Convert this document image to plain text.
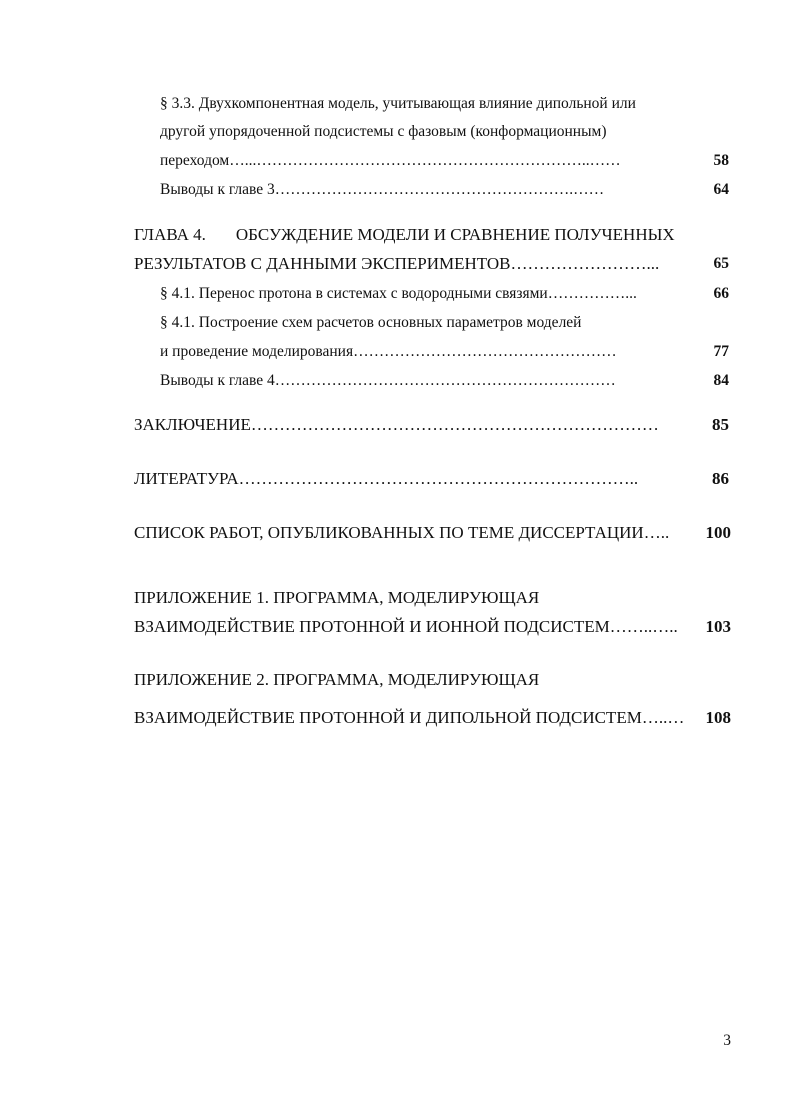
§ 3.3. Двухкомпонентная модель, учитывающая влияние дипольной или
другой упорядоченной подсистемы с фазовым (конформационным)
переходом…...………………………………………………………..……	58
Выводы к главе 3………………………………………………….……	64
ГЛАВА 4. ОБСУЖДЕНИЕ МОДЕЛИ И СРАВНЕНИЕ ПОЛУЧЕННЫХ
РЕЗУЛЬТАТОВ С ДАННЫМИ ЭКСПЕРИМЕНТОВ……………………...	65
§ 4.1. Перенос протона в системах с водородными связями……………...	66
§ 4.1. Построение схем расчетов основных параметров моделей
и проведение моделирования……………………………………………	77
Выводы к главе 4…………………………………………………………	84
ЗАКЛЮЧЕНИЕ………………………………………………………………	85
ЛИТЕРАТУРА……………………………………………………………..	86
СПИСОК РАБОТ, ОПУБЛИКОВАННЫХ ПО ТЕМЕ ДИССЕРТАЦИИ…..	100
ПРИЛОЖЕНИЕ 1. ПРОГРАММА, МОДЕЛИРУЮЩАЯ
ВЗАИМОДЕЙСТВИЕ ПРОТОННОЙ И ИОННОЙ ПОДСИСТЕМ……..…..	103
ПРИЛОЖЕНИЕ 2. ПРОГРАММА, МОДЕЛИРУЮЩАЯ
ВЗАИМОДЕЙСТВИЕ ПРОТОННОЙ И ДИПОЛЬНОЙ ПОДСИСТЕМ…..…	108
3
